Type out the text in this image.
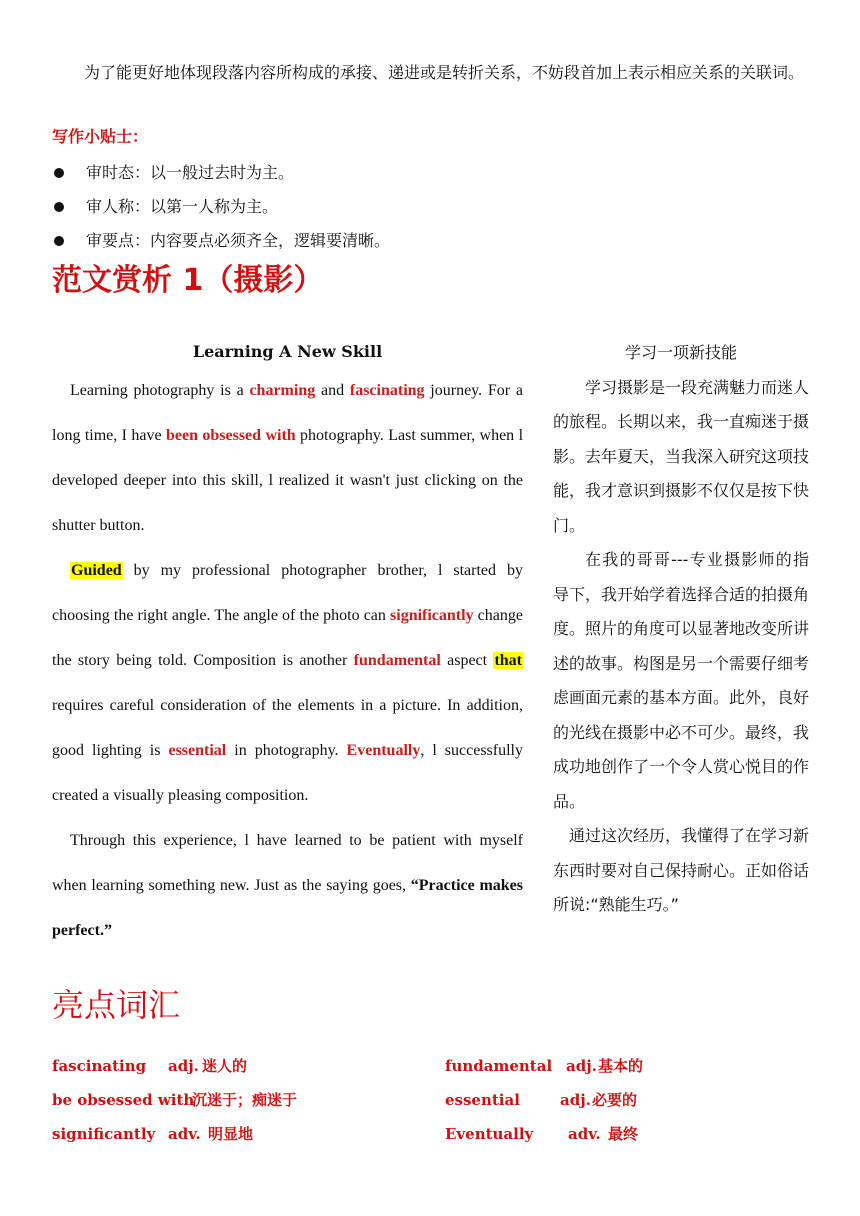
为了能更好地体现段落内容所构成的承接、递进或是转折关系，不妨段首加上表示相应关系的关联词。
写作小贴士：
审时态：以一般过去时为主。
审人称：以第一人称为主。
审要点：内容要点必须齐全，逻辑要清晰。
范文赏析 1（摄影）
Learning A New Skill

Learning photography is a charming and fascinating journey. For a long time, I have been obsessed with photography. Last summer, when l developed deeper into this skill, l realized it wasn't just clicking on the shutter button.

Guided by my professional photographer brother, l started by choosing the right angle. The angle of the photo can significantly change the story being told. Composition is another fundamental aspect that requires careful consideration of the elements in a picture. In addition, good lighting is essential in photography. Eventually, l successfully created a visually pleasing composition.

Through this experience, l have learned to be patient with myself when learning something new. Just as the saying goes, “Practice makes perfect.”

学习一项新技能

学习摄影是一段充满魅力而迷人的旅程。长期以来，我一直痴迷于摄影。去年夏天，当我深入研究这项技能，我才意识到摄影不仅仅是按下快门。

在我的哥哥---专业摄影师的指导下，我开始学着选择合适的拍摄角度。照片的角度可以显著地改变所讲述的故事。构图是另一个需要仔细考虑画面元素的基本方面。此外，良好的光线在摄影中必不可少。最终，我成功地创作了一个令人赏心悦目的作品。

通过这次经历，我懂得了在学习新东西时要对自己保持耐心。正如俗话所说:“熟能生巧。”

亮点词汇
fascinating adj. 迷人的	fundamental adj.基本的
be obsessed with沉迷于；痴迷于	essential	adj.必要的
significantly adv. 明显地	Eventually adv. 最终
